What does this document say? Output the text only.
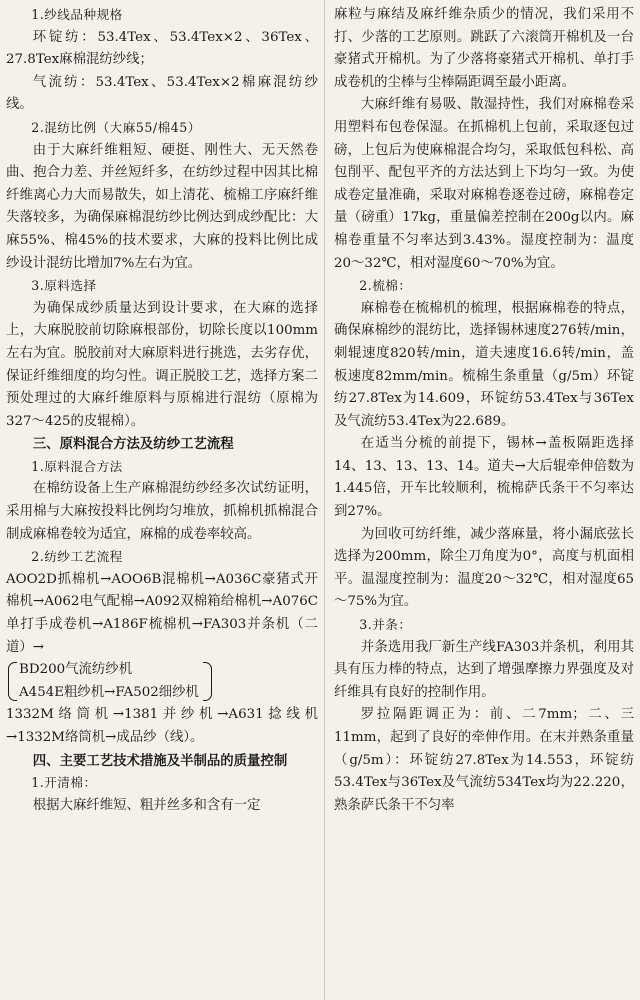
1.纱线品种规格

环锭纺：53.4Tex、53.4Tex×2、36Tex、27.8Tex麻棉混纺纱线；

气流纺：53.4Tex、53.4Tex×2棉麻混纺纱线。

2.混纺比例（大麻55/棉45）

由于大麻纤维粗短、硬挺、刚性大、无天然卷曲、抱合力差、并丝短纤多，在纺纱过程中因其比棉纤维离心力大而易散失，如上清花、梳棉工序麻纤维失落较多，为确保麻棉混纺纱比例达到成纱配比：大麻55%、棉45%的技术要求，大麻的投料比例比成纱设计混纺比增加7%左右为宜。

3.原料选择

为确保成纱质量达到设计要求，在大麻的选择上，大麻脱胶前切除麻根部份，切除长度以100mm左右为宜。脱胶前对大麻原料进行挑选，去劣存优，保证纤维细度的均匀性。调正脱胶工艺，选择方案二预处理过的大麻纤维原料与原棉进行混纺（原棉为327～425的皮辊棉）。

三、原料混合方法及纺纱工艺流程

1.原料混合方法

在棉纺设备上生产麻棉混纺纱经多次试纺证明，采用棉与大麻按投料比例均匀堆放，抓棉机抓棉混合制成麻棉卷较为适宜，麻棉的成卷率较高。

2.纺纱工艺流程

AOO2D抓棉机→AOO6B混棉机→A036C豪猪式开棉机→A062电气配棉→A092双棉箱给棉机→A076C单打手成卷机→A186F梳棉机→FA303并条机（二道）→

BD200气流纺纱机
A454E粗纱机→FA502细纱机

1332M络筒机→1381并纱机→A631捻线机→1332M络筒机→成品纱（线）。

四、主要工艺技术措施及半制品的质量控制

1.开清棉：

根据大麻纤维短、粗并丝多和含有一定

麻粒与麻结及麻纤维杂质少的情况，我们采用不打、少落的工艺原则。跳跃了六滚筒开棉机及一台豪猪式开棉机。为了少落将豪猪式开棉机、单打手成卷机的尘棒与尘棒隔距调至最小距离。

大麻纤维有易吸、散湿持性，我们对麻棉卷采用塑料布包卷保湿。在抓棉机上包前，采取逐包过磅，上包后为使麻棉混合均匀，采取低包科松、高包削平、配包平齐的方法达到上下均匀一致。为使成卷定量准确，采取对麻棉卷逐卷过磅，麻棉卷定量（磅重）17kg，重量偏差控制在200g以内。麻棉卷重量不匀率达到3.43%。湿度控制为：温度20～32℃，相对湿度60～70%为宜。

2.梳棉：

麻棉卷在梳棉机的梳理，根据麻棉卷的特点，确保麻棉纱的混纺比，选择锡林速度276转/min，刺辊速度820转/min，道夫速度16.6转/min，盖板速度82mm/min。梳棉生条重量（g/5m）环锭纺27.8Tex为14.609，环锭纺53.4Tex与36Tex及气流纺53.4Tex为22.689。

在适当分梳的前提下，锡林→盖板隔距选择14、13、13、13、14。道夫→大后辊牵伸倍数为1.445倍，开车比较顺利，梳棉萨氏条干不匀率达到27%。

为回收可纺纤维，减少落麻量，将小漏底弦长选择为200mm，除尘刀角度为0°，高度与机面相平。温湿度控制为：温度20～32℃，相对湿度65～75%为宜。

3.并条：

并条选用我厂新生产线FA303并条机，利用其具有压力棒的特点，达到了增强摩擦力界强度及对纤维具有良好的控制作用。

罗拉隔距调正为：前、二7mm；二、三11mm，起到了良好的牵伸作用。在末并熟条重量（g/5m）：环锭纺27.8Tex为14.553，环锭纺53.4Tex与36Tex及气流纺534Tex均为22.220，熟条萨氏条干不匀率
